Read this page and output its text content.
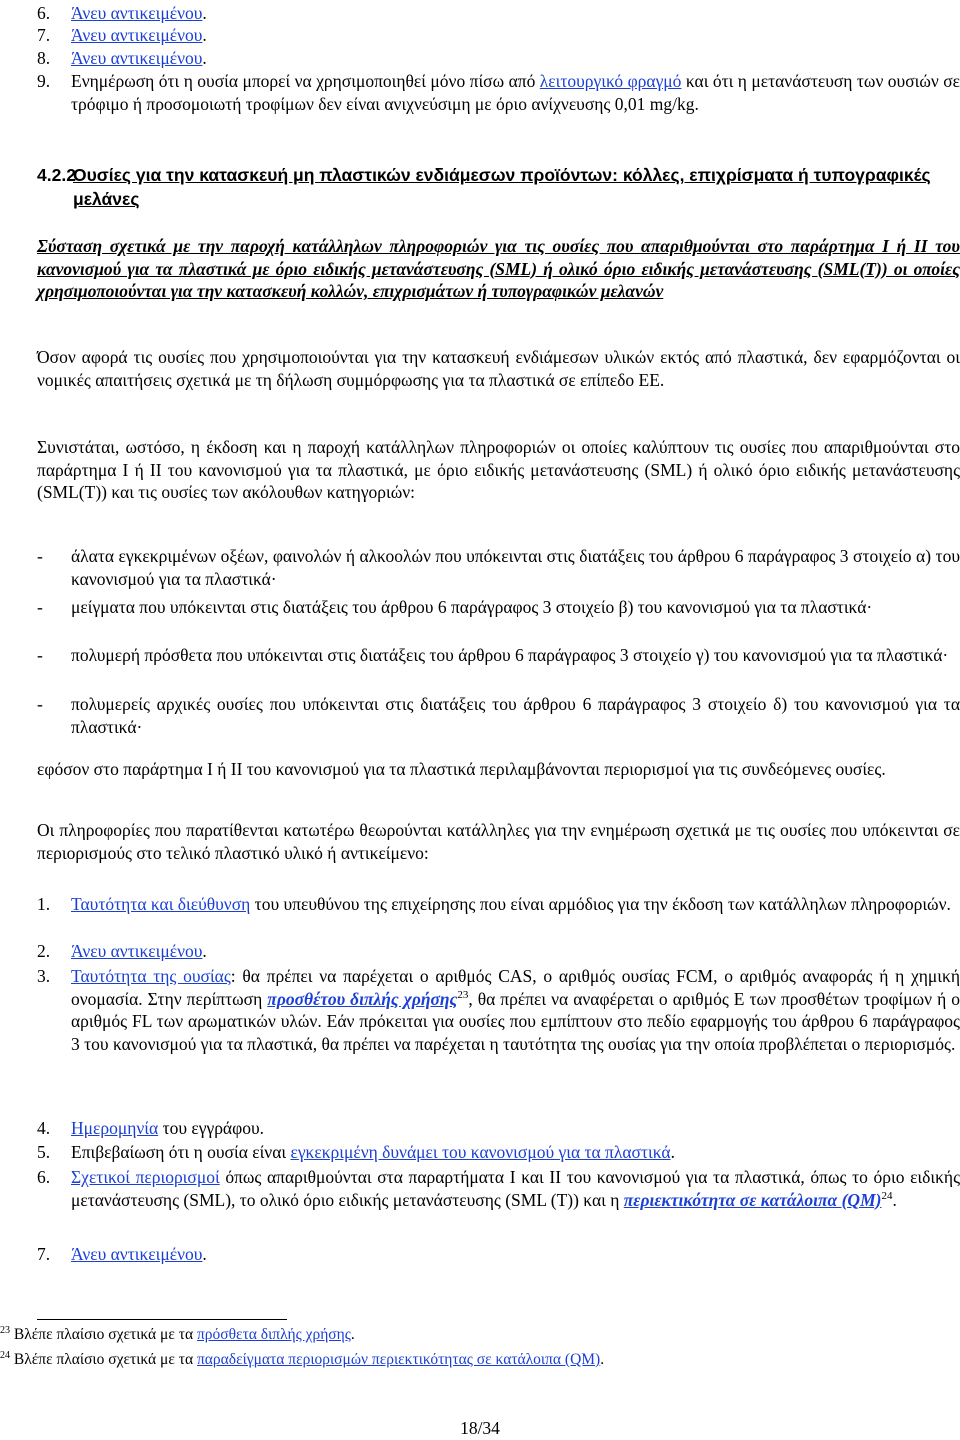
6.	Άνευ αντικειμένου.
7.	Άνευ αντικειμένου.
8.	Άνευ αντικειμένου.
9.	Ενημέρωση ότι η ουσία μπορεί να χρησιμοποιηθεί μόνο πίσω από λειτουργικό φραγμό και ότι η μετανάστευση των ουσιών σε τρόφιμο ή προσομοιωτή τροφίμων δεν είναι ανιχνεύσιμη με όριο ανίχνευσης 0,01 mg/kg.
4.2.2
Ουσίες για την κατασκευή μη πλαστικών ενδιάμεσων προϊόντων: κόλλες, επιχρίσματα ή τυπογραφικές μελάνες
Σύσταση σχετικά με την παροχή κατάλληλων πληροφοριών για τις ουσίες που απαριθμούνται στο παράρτημα I ή II του κανονισμού για τα πλαστικά με όριο ειδικής μετανάστευσης (SML) ή ολικό όριο ειδικής μετανάστευσης (SML(T)) οι οποίες χρησιμοποιούνται για την κατασκευή κολλών, επιχρισμάτων ή τυπογραφικών μελανών
Όσον αφορά τις ουσίες που χρησιμοποιούνται για την κατασκευή ενδιάμεσων υλικών εκτός από πλαστικά, δεν εφαρμόζονται οι νομικές απαιτήσεις σχετικά με τη δήλωση συμμόρφωσης για τα πλαστικά σε επίπεδο ΕΕ.
Συνιστάται, ωστόσο, η έκδοση και η παροχή κατάλληλων πληροφοριών οι οποίες καλύπτουν τις ουσίες που απαριθμούνται στο παράρτημα I ή II του κανονισμού για τα πλαστικά, με όριο ειδικής μετανάστευσης (SML) ή ολικό όριο ειδικής μετανάστευσης (SML(T)) και τις ουσίες των ακόλουθων κατηγοριών:
- άλατα εγκεκριμένων οξέων, φαινολών ή αλκοολών που υπόκεινται στις διατάξεις του άρθρου 6 παράγραφος 3 στοιχείο α) του κανονισμού για τα πλαστικά·
- μείγματα που υπόκεινται στις διατάξεις του άρθρου 6 παράγραφος 3 στοιχείο β) του κανονισμού για τα πλαστικά·
- πολυμερή πρόσθετα που υπόκεινται στις διατάξεις του άρθρου 6 παράγραφος 3 στοιχείο γ) του κανονισμού για τα πλαστικά·
- πολυμερείς αρχικές ουσίες που υπόκεινται στις διατάξεις του άρθρου 6 παράγραφος 3 στοιχείο δ) του κανονισμού για τα πλαστικά·
εφόσον στο παράρτημα I ή II του κανονισμού για τα πλαστικά περιλαμβάνονται περιορισμοί για τις συνδεόμενες ουσίες.
Οι πληροφορίες που παρατίθενται κατωτέρω θεωρούνται κατάλληλες για την ενημέρωση σχετικά με τις ουσίες που υπόκεινται σε περιορισμούς στο τελικό πλαστικό υλικό ή αντικείμενο:
1.	Ταυτότητα και διεύθυνση του υπευθύνου της επιχείρησης που είναι αρμόδιος για την έκδοση των κατάλληλων πληροφοριών.
2.	Άνευ αντικειμένου.
3.	Ταυτότητα της ουσίας: θα πρέπει να παρέχεται ο αριθμός CAS, ο αριθμός ουσίας FCM, ο αριθμός αναφοράς ή η χημική ονομασία. Στην περίπτωση προσθέτου διπλής χρήσης$^{23}$, θα πρέπει να αναφέρεται ο αριθμός E των προσθέτων τροφίμων ή ο αριθμός FL των αρωματικών υλών. Εάν πρόκειται για ουσίες που εμπίπτουν στο πεδίο εφαρμογής του άρθρου 6 παράγραφος 3 του κανονισμού για τα πλαστικά, θα πρέπει να παρέχεται η ταυτότητα της ουσίας για την οποία προβλέπεται ο περιορισμός.
4.	Ημερομηνία του εγγράφου.
5.	Επιβεβαίωση ότι η ουσία είναι εγκεκριμένη δυνάμει του κανονισμού για τα πλαστικά.
6.	Σχετικοί περιορισμοί όπως απαριθμούνται στα παραρτήματα I και II του κανονισμού για τα πλαστικά, όπως το όριο ειδικής μετανάστευσης (SML), το ολικό όριο ειδικής μετανάστευσης (SML (T)) και η περιεκτικότητα σε κατάλοιπα (QM)$^{24}$.
7.	Άνευ αντικειμένου.
$^{23}$ Βλέπε πλαίσιο σχετικά με τα πρόσθετα διπλής χρήσης.
$^{24}$ Βλέπε πλαίσιο σχετικά με τα παραδείγματα περιορισμών περιεκτικότητας σε κατάλοιπα (QM).
18/34
